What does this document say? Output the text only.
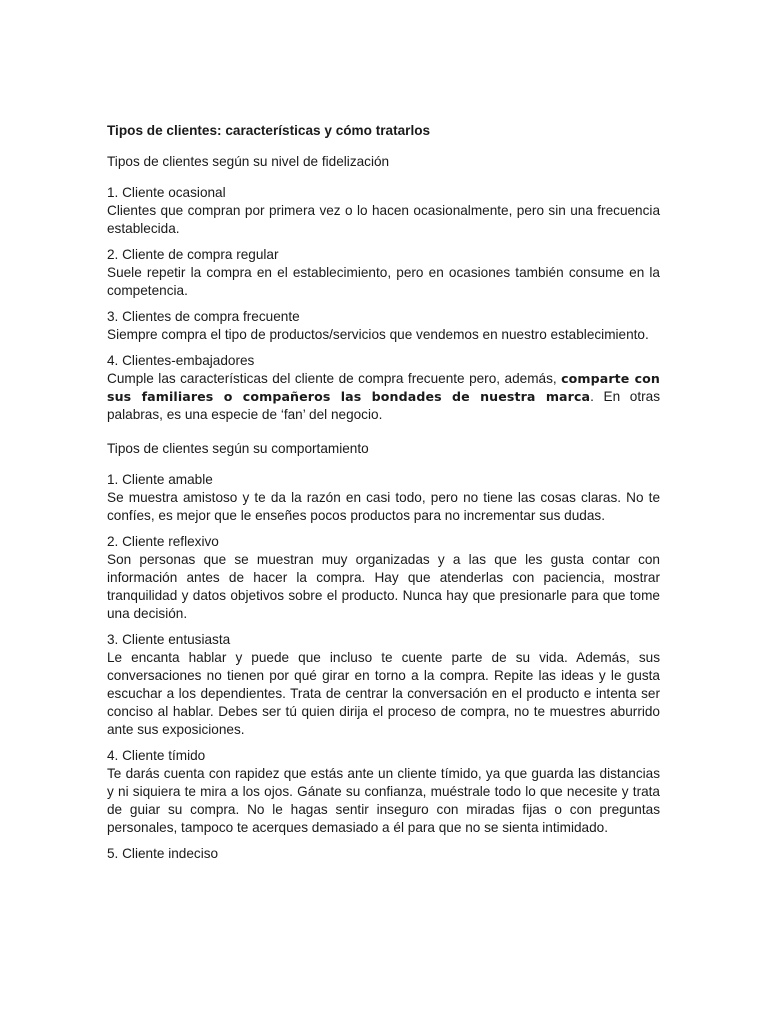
Tipos de clientes: características y cómo tratarlos
Tipos de clientes según su nivel de fidelización
1. Cliente ocasional
Clientes que compran por primera vez o lo hacen ocasionalmente, pero sin una frecuencia establecida.
2. Cliente de compra regular
Suele repetir la compra en el establecimiento, pero en ocasiones también consume en la competencia.
3. Clientes de compra frecuente
Siempre compra el tipo de productos/servicios que vendemos en nuestro establecimiento.
4. Clientes-embajadores
Cumple las características del cliente de compra frecuente pero, además, comparte con sus familiares o compañeros las bondades de nuestra marca. En otras palabras, es una especie de ‘fan’ del negocio.
Tipos de clientes según su comportamiento
1. Cliente amable
Se muestra amistoso y te da la razón en casi todo, pero no tiene las cosas claras. No te confíes, es mejor que le enseñes pocos productos para no incrementar sus dudas.
2. Cliente reflexivo
Son personas que se muestran muy organizadas y a las que les gusta contar con información antes de hacer la compra. Hay que atenderlas con paciencia, mostrar tranquilidad y datos objetivos sobre el producto. Nunca hay que presionarle para que tome una decisión.
3. Cliente entusiasta
Le encanta hablar y puede que incluso te cuente parte de su vida. Además, sus conversaciones no tienen por qué girar en torno a la compra. Repite las ideas y le gusta escuchar a los dependientes. Trata de centrar la conversación en el producto e intenta ser conciso al hablar. Debes ser tú quien dirija el proceso de compra, no te muestres aburrido ante sus exposiciones.
4. Cliente tímido
Te darás cuenta con rapidez que estás ante un cliente tímido, ya que guarda las distancias y ni siquiera te mira a los ojos. Gánate su confianza, muéstrale todo lo que necesite y trata de guiar su compra. No le hagas sentir inseguro con miradas fijas o con preguntas personales, tampoco te acerques demasiado a él para que no se sienta intimidado.
5. Cliente indeciso
